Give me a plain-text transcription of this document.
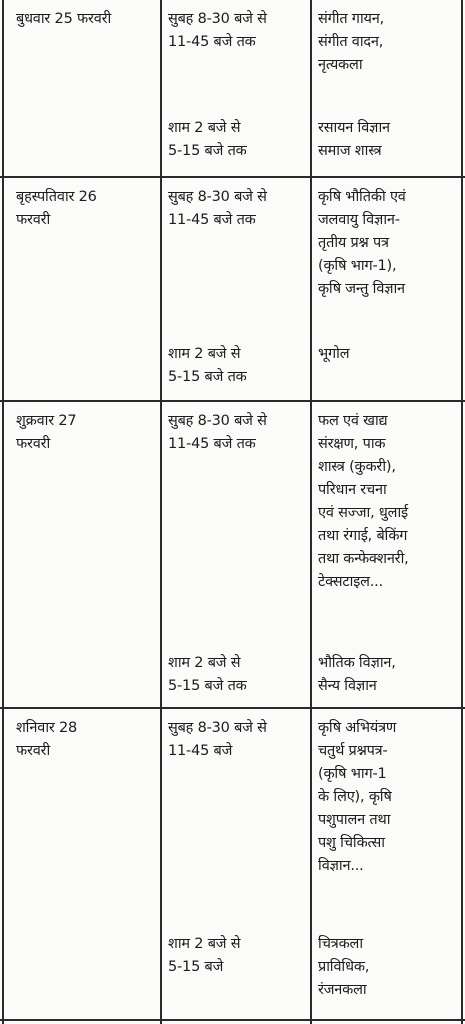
बुधवार 25 फरवरी	सुबह 8-30 बजे से
11-45 बजे तक
संगीत गायन,
संगीत वादन,
नृत्यकला
शाम 2 बजे से
5-15 बजे तक
रसायन विज्ञान
समाज शास्त्र
बृहस्पतिवार 26
फरवरी
सुबह 8-30 बजे से
11-45 बजे तक
कृषि भौतिकी एवं
जलवायु विज्ञान-
तृतीय प्रश्न पत्र
(कृषि भाग-1),
कृषि जन्तु विज्ञान
शाम 2 बजे से
5-15 बजे तक
भूगोल
शुक्रवार 27
फरवरी
सुबह 8-30 बजे से
11-45 बजे तक
फल एवं खाद्य
संरक्षण, पाक
शास्त्र (कुकरी),
परिधान रचना
एवं सज्जा, धुलाई
तथा रंगाई, बेकिंग
तथा कन्फेक्शनरी,
टेक्सटाइल...
शाम 2 बजे से
5-15 बजे तक
भौतिक विज्ञान,
सैन्य विज्ञान
शनिवार 28
फरवरी
सुबह 8-30 बजे से
11-45 बजे
कृषि अभियंत्रण
चतुर्थ प्रश्नपत्र-
(कृषि भाग-1
के लिए), कृषि
पशुपालन तथा
पशु चिकित्सा
विज्ञान...
शाम 2 बजे से
5-15 बजे
चित्रकला
प्राविधिक,
रंजनकला
